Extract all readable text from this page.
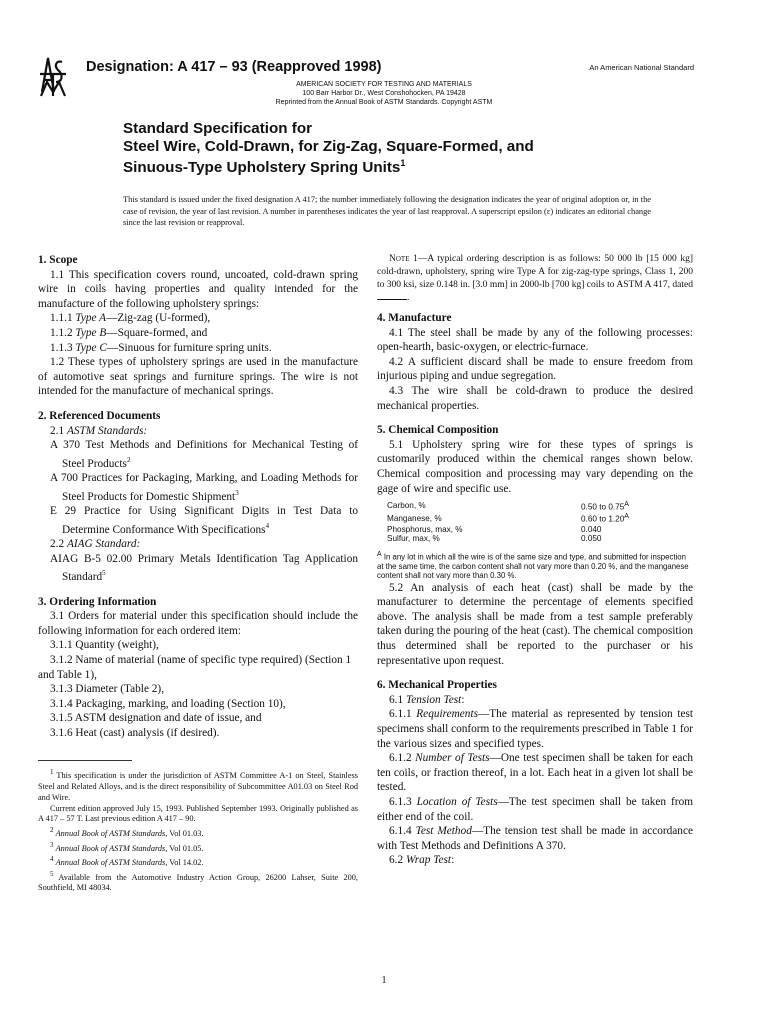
Designation: A 417 – 93 (Reapproved 1998)	An American National Standard
AMERICAN SOCIETY FOR TESTING AND MATERIALS
100 Barr Harbor Dr., West Conshohocken, PA 19428
Reprinted from the Annual Book of ASTM Standards. Copyright ASTM
Standard Specification for
Steel Wire, Cold-Drawn, for Zig-Zag, Square-Formed, and
Sinuous-Type Upholstery Spring Units$^1$
This standard is issued under the fixed designation A 417; the number immediately following the designation indicates the year of original adoption or, in the case of revision, the year of last revision. A number in parentheses indicates the year of last reapproval. A superscript epsilon (ε) indicates an editorial change since the last revision or reapproval.

1. Scope

1.1 This specification covers round, uncoated, cold-drawn spring wire in coils having properties and quality intended for the manufacture of the following upholstery springs:

1.1.1 Type A—Zig-zag (U-formed),

1.1.2 Type B—Square-formed, and

1.1.3 Type C—Sinuous for furniture spring units.

1.2 These types of upholstery springs are used in the manufacture of automotive seat springs and furniture springs. The wire is not intended for the manufacture of mechanical springs.

2. Referenced Documents

2.1 ASTM Standards:

A 370 Test Methods and Definitions for Mechanical Testing of Steel Products$^2$

A 700 Practices for Packaging, Marking, and Loading Methods for Steel Products for Domestic Shipment$^3$

E 29 Practice for Using Significant Digits in Test Data to Determine Conformance With Specifications$^4$

2.2 AIAG Standard:

AIAG B-5 02.00 Primary Metals Identification Tag Application Standard$^5$

3. Ordering Information

3.1 Orders for material under this specification should include the following information for each ordered item:

3.1.1 Quantity (weight),

3.1.2 Name of material (name of specific type required) (Section 1 and Table 1),

3.1.3 Diameter (Table 2),

3.1.4 Packaging, marking, and loading (Section 10),

3.1.5 ASTM designation and date of issue, and

3.1.6 Heat (cast) analysis (if desired).

$^1$ This specification is under the jurisdiction of ASTM Committee A-1 on Steel, Stainless Steel and Related Alloys, and is the direct responsibility of Subcommittee A01.03 on Steel Rod and Wire.

Current edition approved July 15, 1993. Published September 1993. Originally published as A 417 – 57 T. Last previous edition A 417 – 90.

$^2$ Annual Book of ASTM Standards, Vol 01.03.

$^3$ Annual Book of ASTM Standards, Vol 01.05.

$^4$ Annual Book of ASTM Standards, Vol 14.02.

$^5$ Available from the Automotive Industry Action Group, 26200 Lahser, Suite 200, Southfield, MI 48034.

Note 1—A typical ordering description is as follows: 50 000 lb [15 000 kg] cold-drawn, upholstery, spring wire Type A for zig-zag-type springs, Class 1, 200 to 300 ksi, size 0.148 in. [3.0 mm] in 2000-lb [700 kg] coils to ASTM A 417, dated .

4. Manufacture

4.1 The steel shall be made by any of the following processes: open-hearth, basic-oxygen, or electric-furnace.

4.2 A sufficient discard shall be made to ensure freedom from injurious piping and undue segregation.

4.3 The wire shall be cold-drawn to produce the desired mechanical properties.

5. Chemical Composition

5.1 Upholstery spring wire for these types of springs is customarily produced within the chemical ranges shown below. Chemical composition and processing may vary depending on the gage of wire and specific use.

Carbon, %	0.50 to $0.75^A$
Manganese, %	0.60 to $1.20^A$
Phosphorus, max, %	0.040
Sulfur, max, %	0.050

$^A$ In any lot in which all the wire is of the same size and type, and submitted for inspection at the same time, the carbon content shall not vary more than 0.20 %, and the manganese content shall not vary more than 0.30 %.

5.2 An analysis of each heat (cast) shall be made by the manufacturer to determine the percentage of elements specified above. The analysis shall be made from a test sample preferably taken during the pouring of the heat (cast). The chemical composition thus determined shall be reported to the purchaser or his representative upon request.

6. Mechanical Properties

6.1 Tension Test:

6.1.1 Requirements—The material as represented by tension test specimens shall conform to the requirements prescribed in Table 1 for the various sizes and specified types.

6.1.2 Number of Tests—One test specimen shall be taken for each ten coils, or fraction thereof, in a lot. Each heat in a given lot shall be tested.

6.1.3 Location of Tests—The test specimen shall be taken from either end of the coil.

6.1.4 Test Method—The tension test shall be made in accordance with Test Methods and Definitions A 370.

6.2 Wrap Test:

1
